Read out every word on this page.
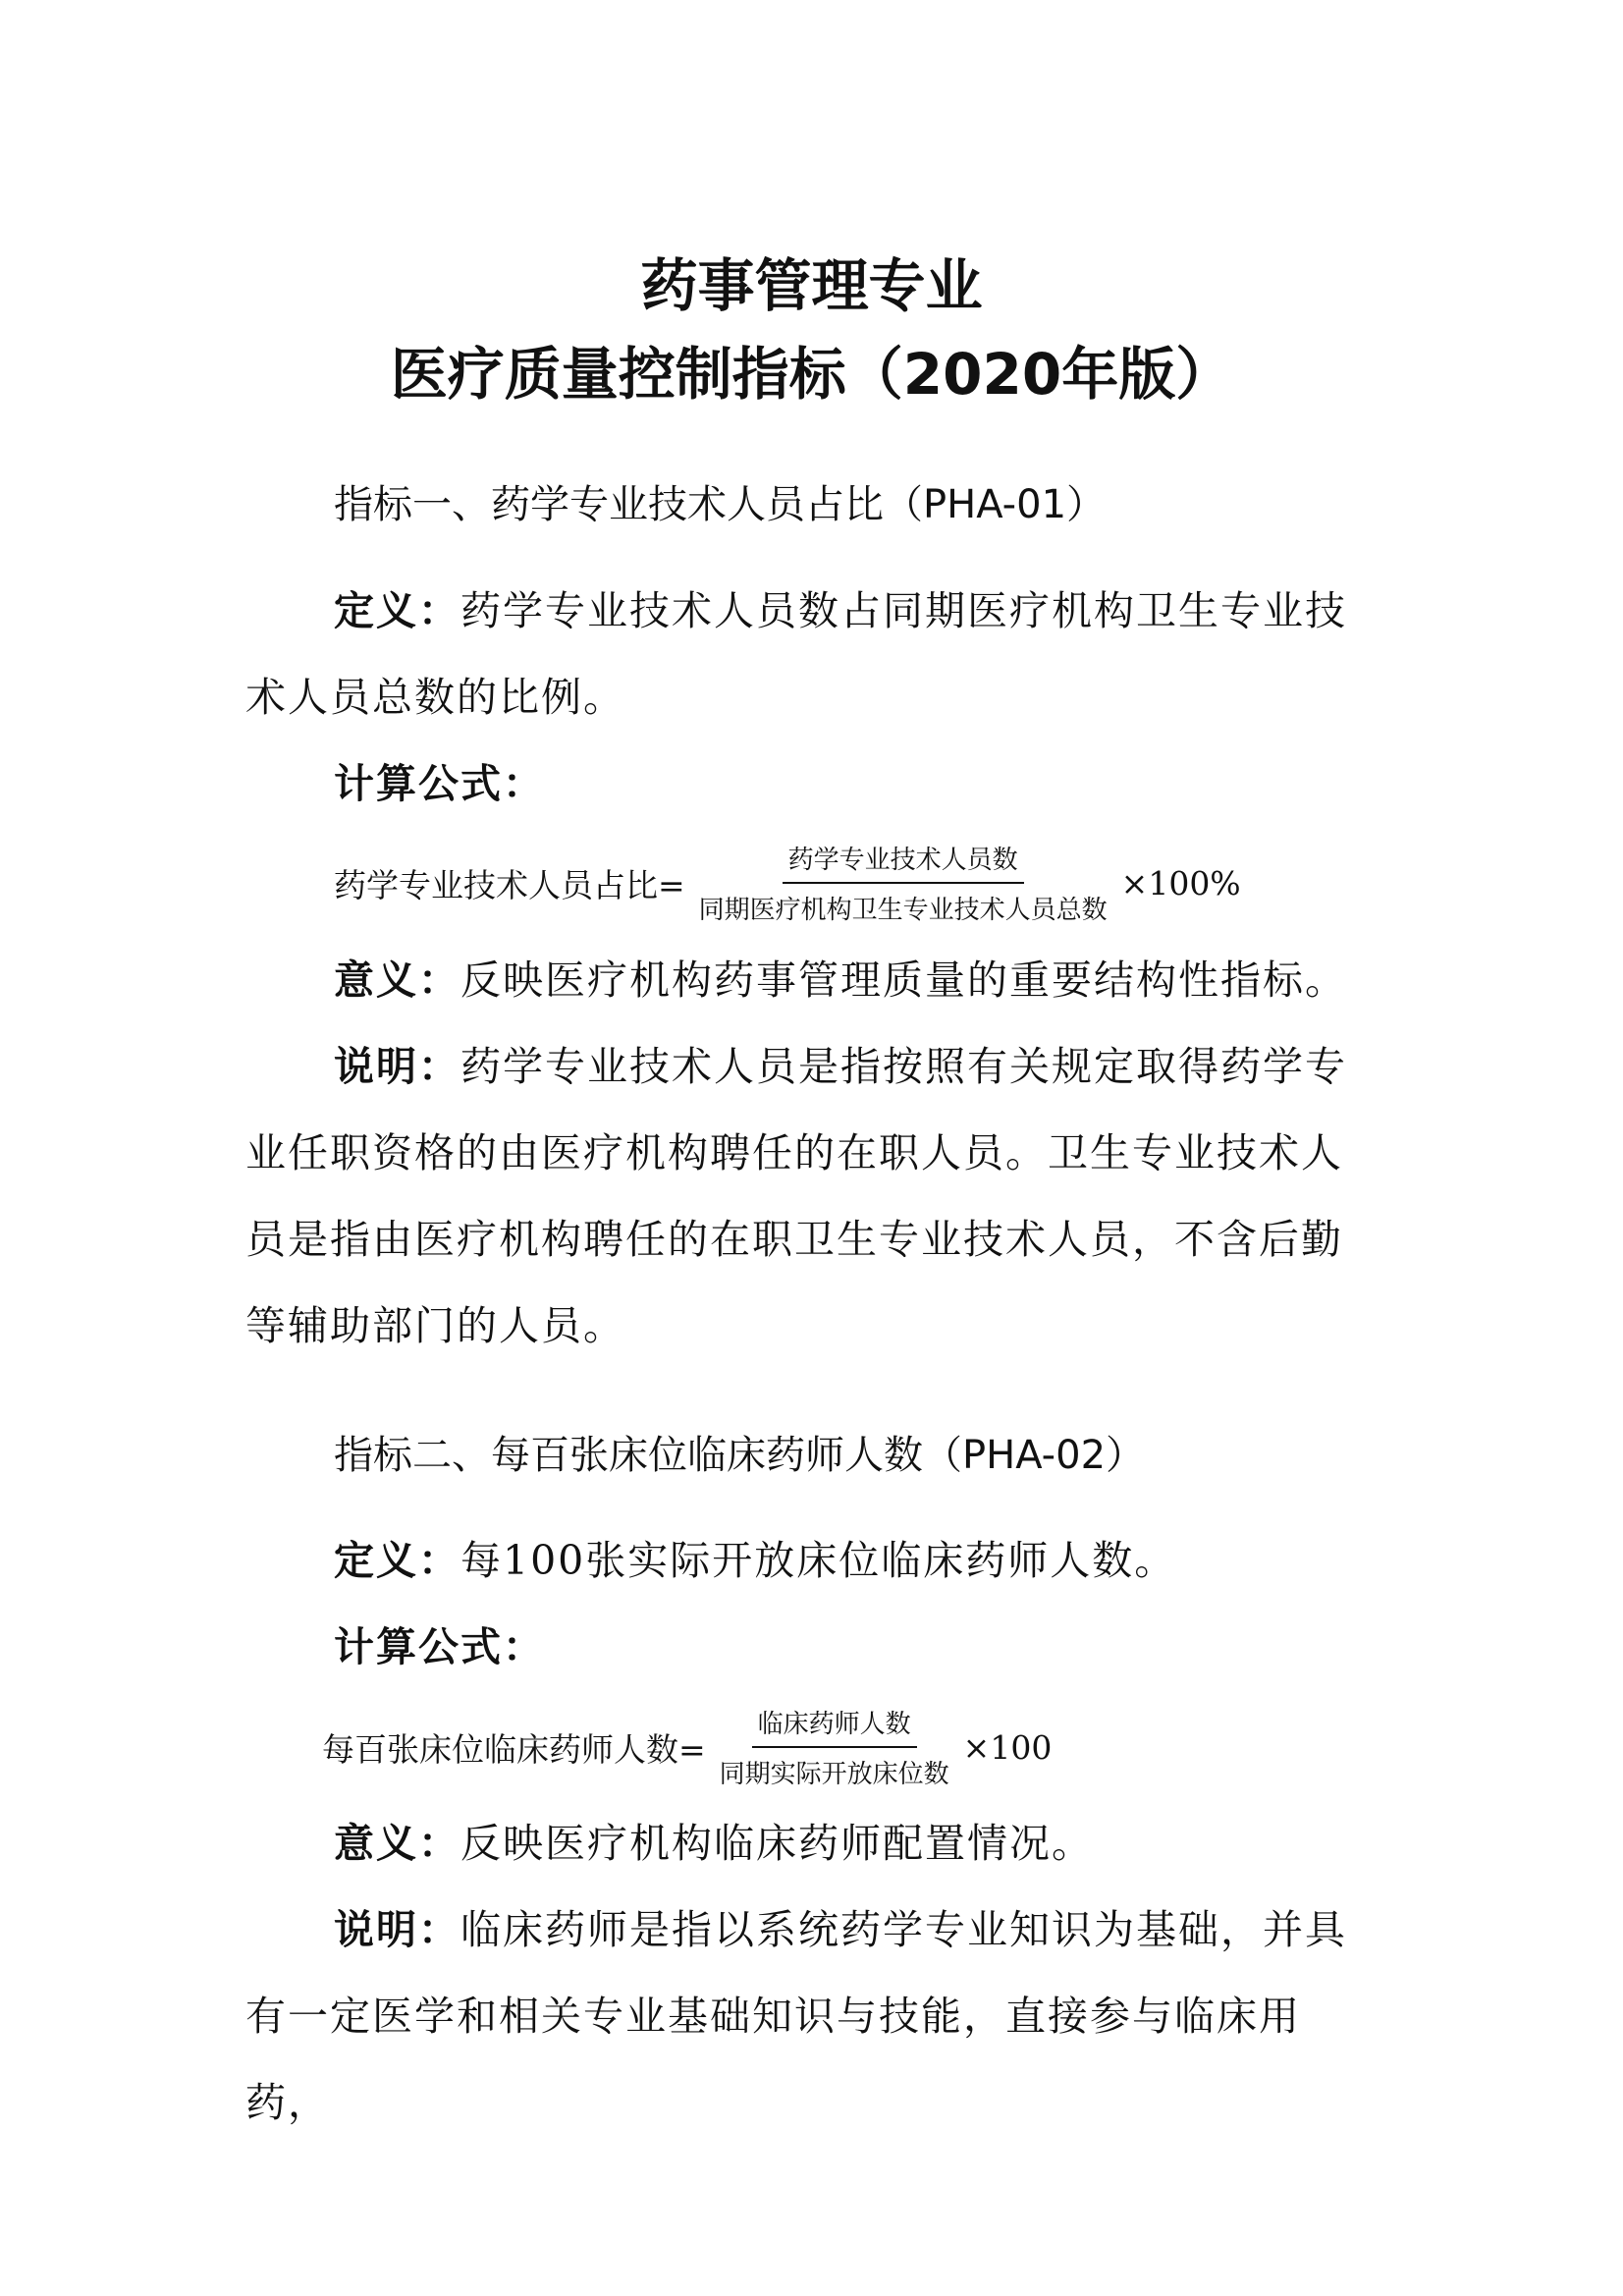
药事管理专业
医疗质量控制指标（2020年版）
指标一、药学专业技术人员占比（PHA-01）

定义：药学专业技术人员数占同期医疗机构卫生专业技术人员总数的比例。

计算公式：

药学专业技术人员占比= $\frac{\text{药学专业技术人员数}}{\text{同期医疗机构卫生专业技术人员总数}} \times 100\%$

意义：反映医疗机构药事管理质量的重要结构性指标。

说明：药学专业技术人员是指按照有关规定取得药学专业任职资格的由医疗机构聘任的在职人员。卫生专业技术人员是指由医疗机构聘任的在职卫生专业技术人员，不含后勤等辅助部门的人员。

指标二、每百张床位临床药师人数（PHA-02）

定义：每100张实际开放床位临床药师人数。

计算公式：

每百张床位临床药师人数= $\frac{\text{临床药师人数}}{\text{同期实际开放床位数}} \times 100$

意义：反映医疗机构临床药师配置情况。

说明：临床药师是指以系统药学专业知识为基础，并具有一定医学和相关专业基础知识与技能，直接参与临床用药，
